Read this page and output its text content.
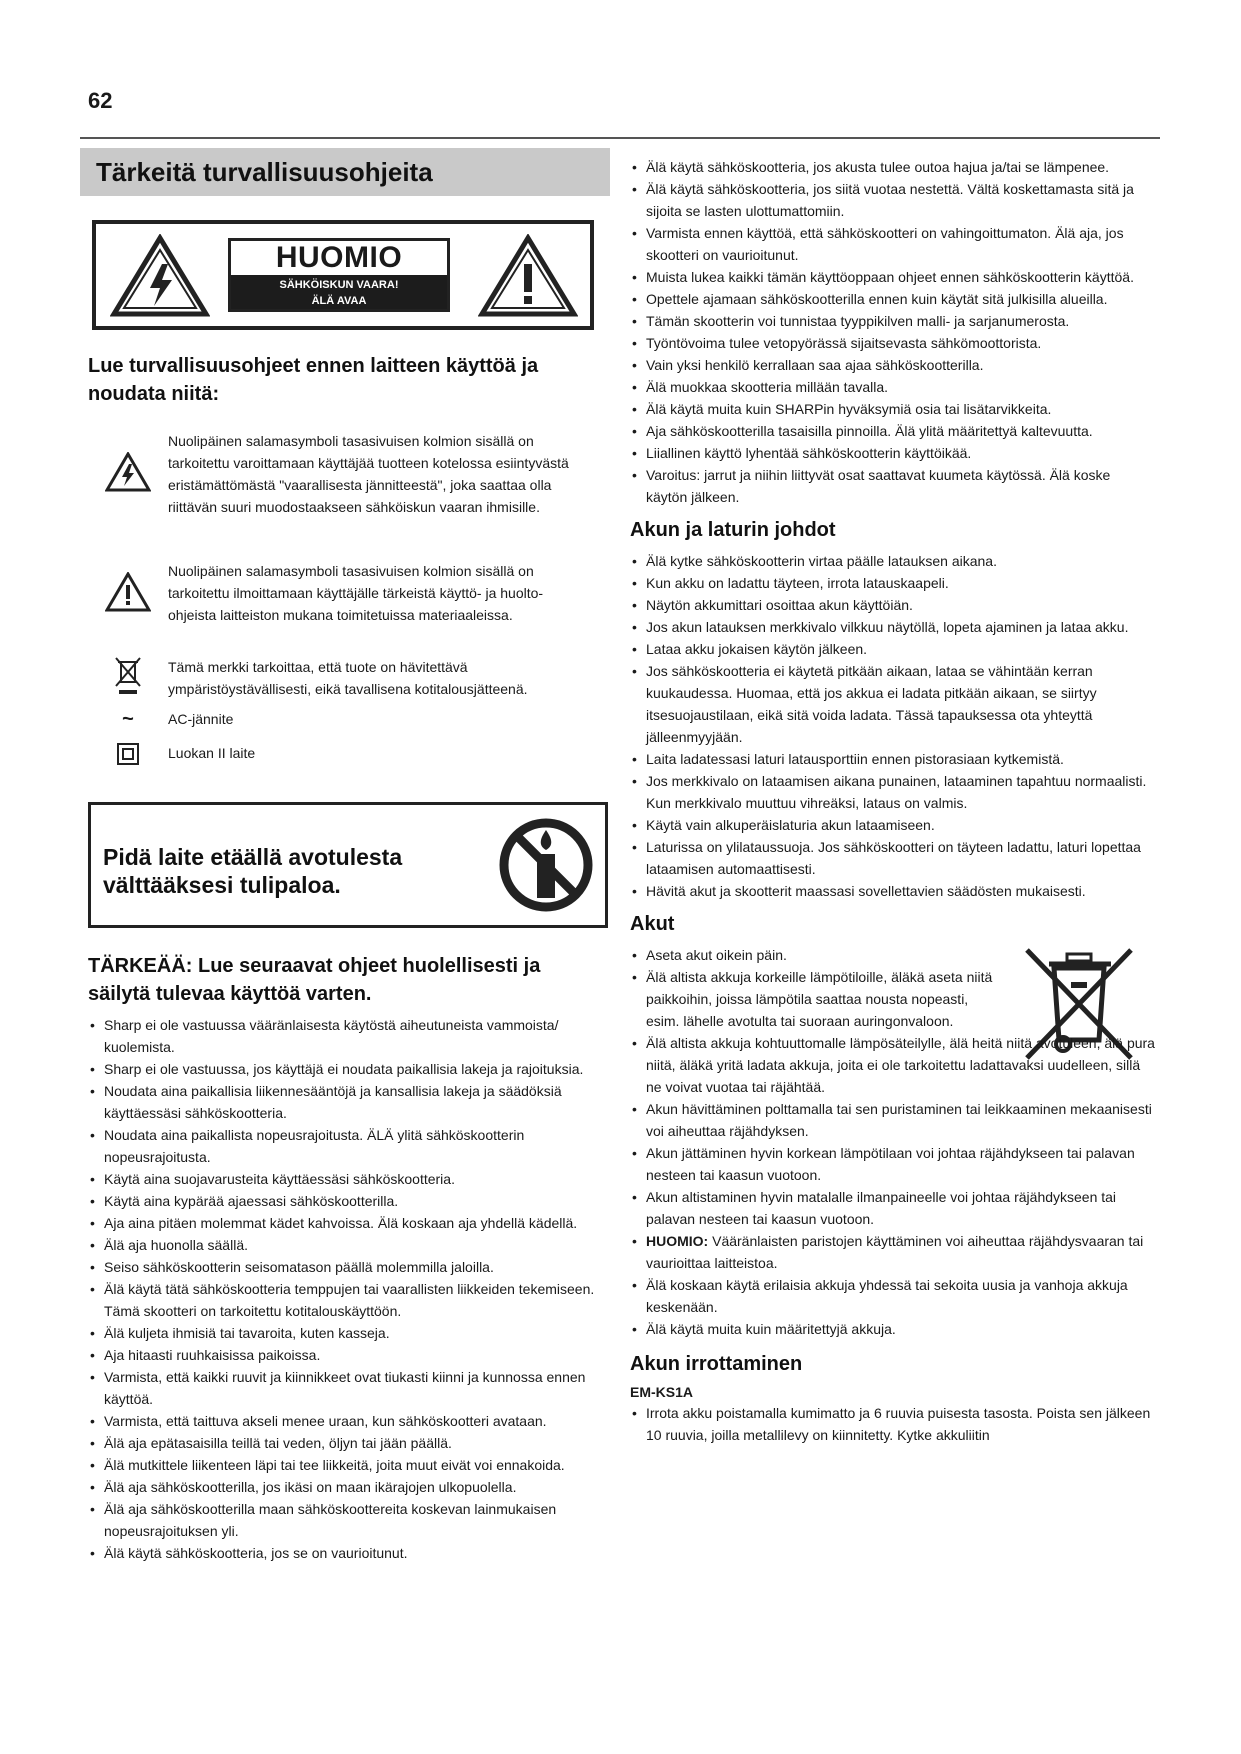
62
Tärkeitä turvallisuusohjeita
HUOMIO
SÄHKÖISKUN VAARA!
ÄLÄ AVAA
Lue turvallisuusohjeet ennen laitteen käyttöä ja noudata niitä:
Nuolipäinen salamasymboli tasasivuisen kolmion sisällä on tarkoitettu varoittamaan käyttäjää tuotteen kotelossa esiintyvästä eristämättömästä "vaarallisesta jännitteestä", joka saattaa olla riittävän suuri muodostaakseen sähköiskun vaaran ihmisille.
Nuolipäinen salamasymboli tasasivuisen kolmion sisällä on tarkoitettu ilmoittamaan käyttäjälle tärkeistä käyttö- ja huolto-ohjeista laitteiston mukana toimitetuissa materiaaleissa.
Tämä merkki tarkoittaa, että tuote on hävitettävä ympäristöystävällisesti, eikä tavallisena kotitalousjätteenä.
~	AC-jännite
Luokan II laite
Pidä laite etäällä avotulesta
välttääksesi tulipaloa.
TÄRKEÄÄ: Lue seuraavat ohjeet huolellisesti ja säilytä tulevaa käyttöä varten.
• Sharp ei ole vastuussa vääränlaisesta käytöstä aiheutuneista vammoista/ kuolemista.
• Sharp ei ole vastuussa, jos käyttäjä ei noudata paikallisia lakeja ja rajoituksia.
• Noudata aina paikallisia liikennesääntöjä ja kansallisia lakeja ja säädöksiä käyttäessäsi sähköskootteria.
• Noudata aina paikallista nopeusrajoitusta. ÄLÄ ylitä sähköskootterin nopeusrajoitusta.
• Käytä aina suojavarusteita käyttäessäsi sähköskootteria.
• Käytä aina kypärää ajaessasi sähköskootterilla.
• Aja aina pitäen molemmat kädet kahvoissa. Älä koskaan aja yhdellä kädellä.
• Älä aja huonolla säällä.
• Seiso sähköskootterin seisomatason päällä molemmilla jaloilla.
• Älä käytä tätä sähköskootteria temppujen tai vaarallisten liikkeiden tekemiseen. Tämä skootteri on tarkoitettu kotitalouskäyttöön.
• Älä kuljeta ihmisiä tai tavaroita, kuten kasseja.
• Aja hitaasti ruuhkaisissa paikoissa.
• Varmista, että kaikki ruuvit ja kiinnikkeet ovat tiukasti kiinni ja kunnossa ennen käyttöä.
• Varmista, että taittuva akseli menee uraan, kun sähköskootteri avataan.
• Älä aja epätasaisilla teillä tai veden, öljyn tai jään päällä.
• Älä mutkittele liikenteen läpi tai tee liikkeitä, joita muut eivät voi ennakoida.
• Älä aja sähköskootterilla, jos ikäsi on maan ikärajojen ulkopuolella.
• Älä aja sähköskootterilla maan sähköskoottereita koskevan lainmukaisen nopeusrajoituksen yli.
• Älä käytä sähköskootteria, jos se on vaurioitunut.
• Älä käytä sähköskootteria, jos akusta tulee outoa hajua ja/tai se lämpenee.
• Älä käytä sähköskootteria, jos siitä vuotaa nestettä. Vältä koskettamasta sitä ja sijoita se lasten ulottumattomiin.
• Varmista ennen käyttöä, että sähköskootteri on vahingoittumaton. Älä aja, jos skootteri on vaurioitunut.
• Muista lukea kaikki tämän käyttöoppaan ohjeet ennen sähköskootterin käyttöä.
• Opettele ajamaan sähköskootterilla ennen kuin käytät sitä julkisilla alueilla.
• Tämän skootterin voi tunnistaa tyyppikilven malli- ja sarjanumerosta.
• Työntövoima tulee vetopyörässä sijaitsevasta sähkömoottorista.
• Vain yksi henkilö kerrallaan saa ajaa sähköskootterilla.
• Älä muokkaa skootteria millään tavalla.
• Älä käytä muita kuin SHARPin hyväksymiä osia tai lisätarvikkeita.
• Aja sähköskootterilla tasaisilla pinnoilla. Älä ylitä määritettyä kaltevuutta.
• Liiallinen käyttö lyhentää sähköskootterin käyttöikää.
• Varoitus: jarrut ja niihin liittyvät osat saattavat kuumeta käytössä. Älä koske käytön jälkeen.
Akun ja laturin johdot
• Älä kytke sähköskootterin virtaa päälle latauksen aikana.
• Kun akku on ladattu täyteen, irrota latauskaapeli.
• Näytön akkumittari osoittaa akun käyttöiän.
• Jos akun latauksen merkkivalo vilkkuu näytöllä, lopeta ajaminen ja lataa akku.
• Lataa akku jokaisen käytön jälkeen.
• Jos sähköskootteria ei käytetä pitkään aikaan, lataa se vähintään kerran kuukaudessa. Huomaa, että jos akkua ei ladata pitkään aikaan, se siirtyy itsesuojaustilaan, eikä sitä voida ladata. Tässä tapauksessa ota yhteyttä jälleenmyyjään.
• Laita ladatessasi laturi latausporttiin ennen pistorasiaan kytkemistä.
• Jos merkkivalo on lataamisen aikana punainen, lataaminen tapahtuu normaalisti. Kun merkkivalo muuttuu vihreäksi, lataus on valmis.
• Käytä vain alkuperäislaturia akun lataamiseen.
• Laturissa on ylilataussuoja. Jos sähköskootteri on täyteen ladattu, laturi lopettaa lataamisen automaattisesti.
• Hävitä akut ja skootterit maassasi sovellettavien säädösten mukaisesti.
Akut
• Aseta akut oikein päin.
• Älä altista akkuja korkeille lämpötiloille, äläkä aseta niitä paikkoihin, joissa lämpötila saattaa nousta nopeasti, esim. lähelle avotulta tai suoraan auringonvaloon.
• Älä altista akkuja kohtuuttomalle lämpösäteilylle, älä heitä niitä avotuleen, älä pura niitä, äläkä yritä ladata akkuja, joita ei ole tarkoitettu ladattavaksi uudelleen, sillä ne voivat vuotaa tai räjähtää.
• Akun hävittäminen polttamalla tai sen puristaminen tai leikkaaminen mekaanisesti voi aiheuttaa räjähdyksen.
• Akun jättäminen hyvin korkean lämpötilaan voi johtaa räjähdykseen tai palavan nesteen tai kaasun vuotoon.
• Akun altistaminen hyvin matalalle ilmanpaineelle voi johtaa räjähdykseen tai palavan nesteen tai kaasun vuotoon.
• HUOMIO: Vääränlaisten paristojen käyttäminen voi aiheuttaa räjähdysvaaran tai vaurioittaa laitteistoa.
• Älä koskaan käytä erilaisia akkuja yhdessä tai sekoita uusia ja vanhoja akkuja keskenään.
• Älä käytä muita kuin määritettyjä akkuja.
Akun irrottaminen
EM-KS1A
• Irrota akku poistamalla kumimatto ja 6 ruuvia puisesta tasosta. Poista sen jälkeen 10 ruuvia, joilla metallilevy on kiinnitetty. Kytke akkuliitin
